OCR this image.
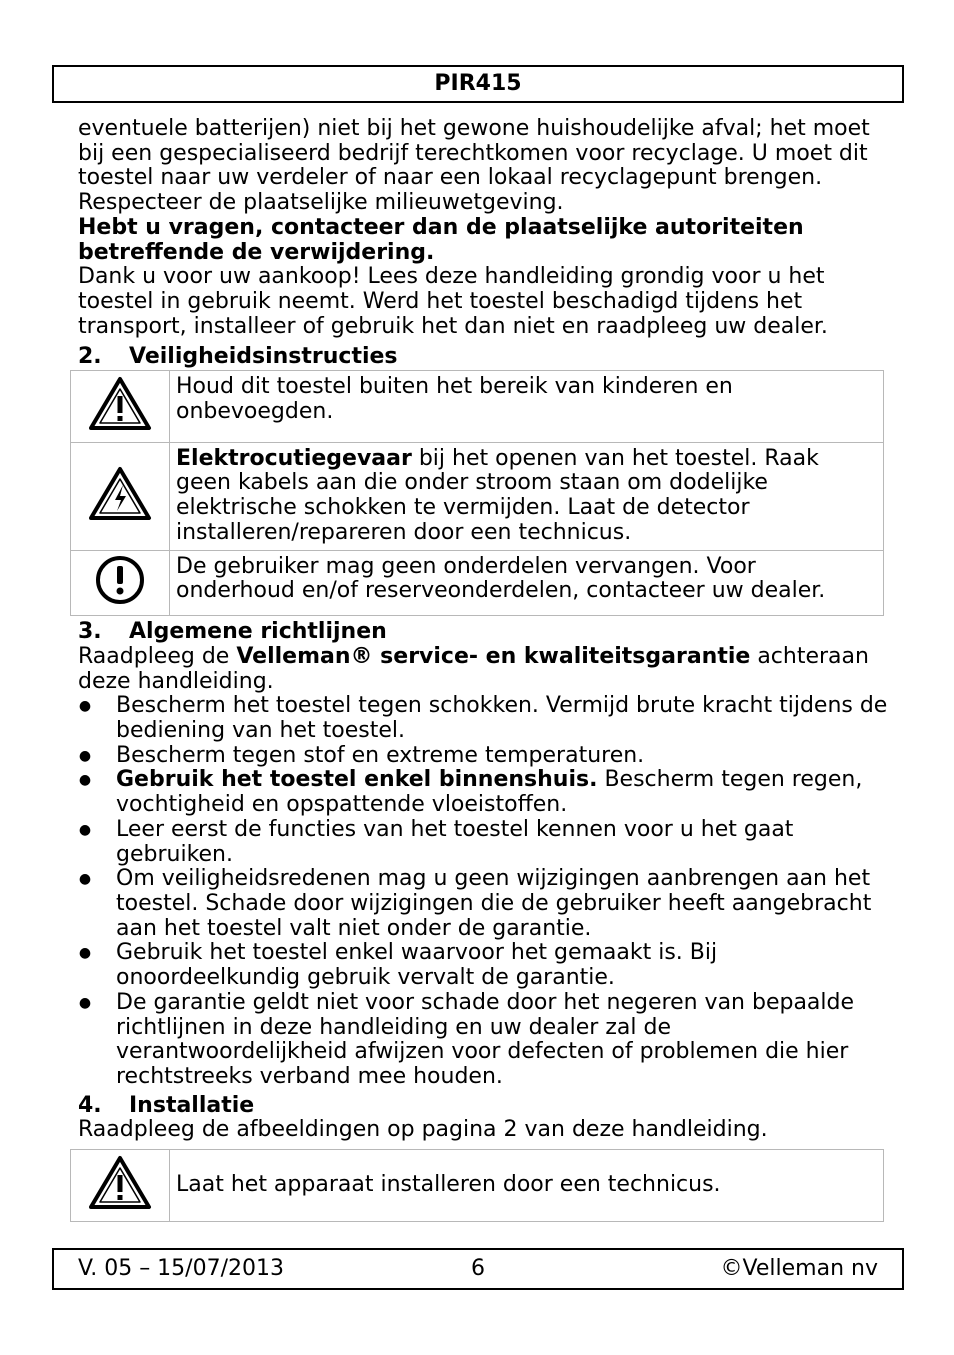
PIR415

eventuele batterijen) niet bij het gewone huishoudelijke afval; het moet bij een gespecialiseerd bedrijf terechtkomen voor recyclage. U moet dit toestel naar uw verdeler of naar een lokaal recyclagepunt brengen. Respecteer de plaatselijke milieuwetgeving.

Hebt u vragen, contacteer dan de plaatselijke autoriteiten betreffende de verwijdering.

Dank u voor uw aankoop! Lees deze handleiding grondig voor u het toestel in gebruik neemt. Werd het toestel beschadigd tijdens het transport, installeer of gebruik het dan niet en raadpleeg uw dealer.

2. Veiligheidsinstructies
	Houd dit toestel buiten het bereik van kinderen en onbevoegden.
	Elektrocutiegevaar bij het openen van het toestel. Raak geen kabels aan die onder stroom staan om dodelijke elektrische schokken te vermijden. Laat de detector installeren/repareren door een technicus.
	De gebruiker mag geen onderdelen vervangen. Voor onderhoud en/of reserveonderdelen, contacteer uw dealer.
3. Algemene richtlijnen

Raadpleeg de Velleman® service- en kwaliteitsgarantie achteraan deze handleiding.

● Bescherm het toestel tegen schokken. Vermijd brute kracht tijdens de bediening van het toestel.
● Bescherm tegen stof en extreme temperaturen.
● Gebruik het toestel enkel binnenshuis. Bescherm tegen regen, vochtigheid en opspattende vloeistoffen.
● Leer eerst de functies van het toestel kennen voor u het gaat gebruiken.
● Om veiligheidsredenen mag u geen wijzigingen aanbrengen aan het toestel. Schade door wijzigingen die de gebruiker heeft aangebracht aan het toestel valt niet onder de garantie.
● Gebruik het toestel enkel waarvoor het gemaakt is. Bij onoordeelkundig gebruik vervalt de garantie.
● De garantie geldt niet voor schade door het negeren van bepaalde richtlijnen in deze handleiding en uw dealer zal de verantwoordelijkheid afwijzen voor defecten of problemen die hier rechtstreeks verband mee houden.
4. Installatie

Raadpleeg de afbeeldingen op pagina 2 van deze handleiding.

	Laat het apparaat installeren door een technicus.
V. 05 – 15/07/2013	6	©Velleman nv
